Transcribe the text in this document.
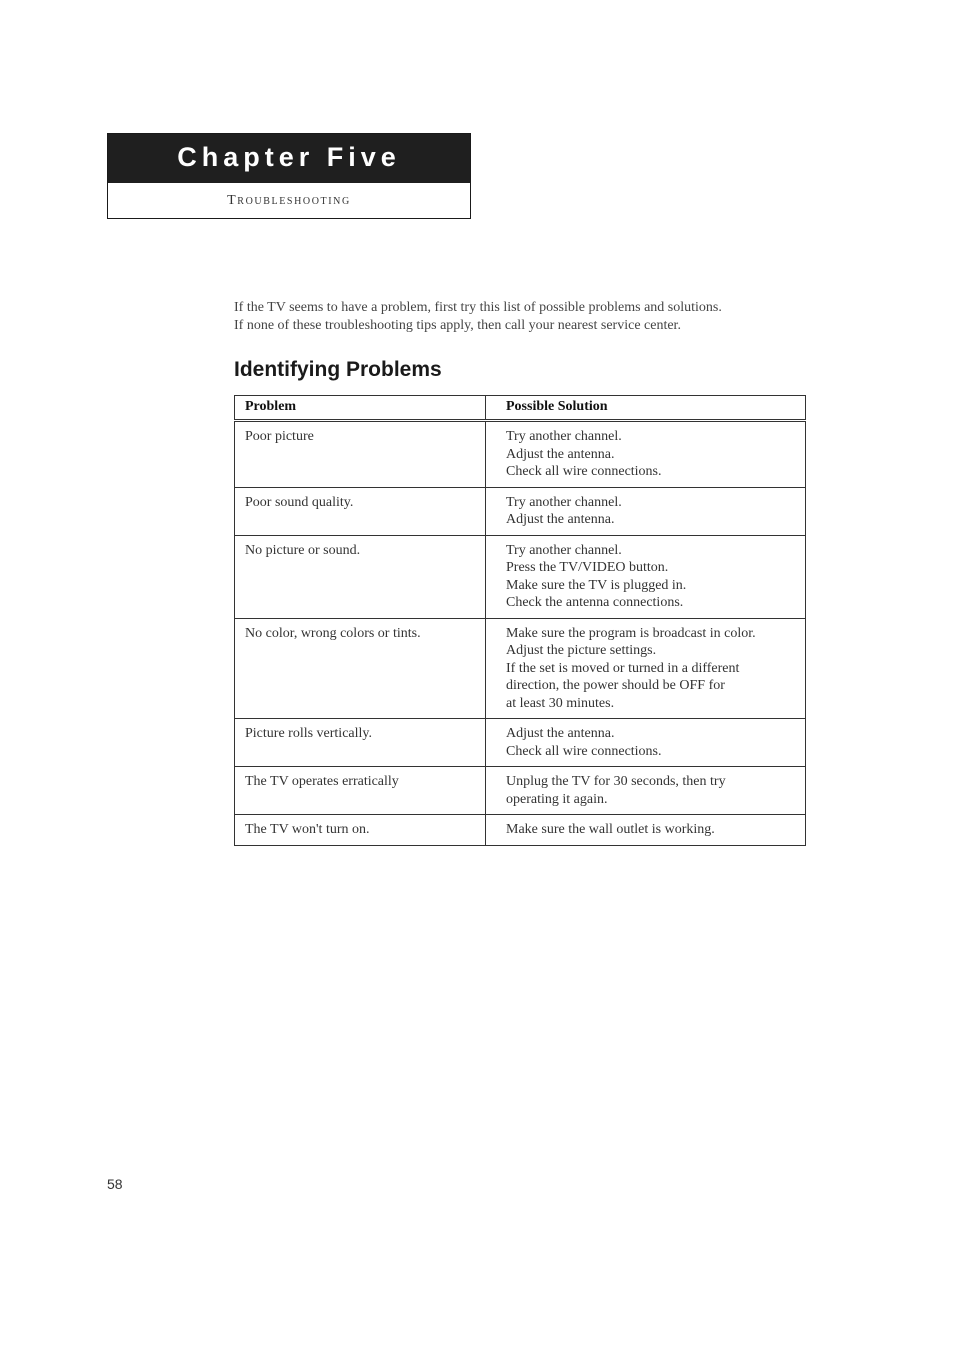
Chapter Five
Troubleshooting

If the TV seems to have a problem, first try this list of possible problems and solutions.

If none of these troubleshooting tips apply, then call your nearest service center.

Identifying Problems
Problem	Possible Solution
Poor picture	Try another channel.
Adjust the antenna.
Check all wire connections.

Poor sound quality.	Try another channel.
Adjust the antenna.

No picture or sound.	Try another channel.
Press the TV/VIDEO button.
Make sure the TV is plugged in.
Check the antenna connections.

No color, wrong colors or tints.	Make sure the program is broadcast in color.
Adjust the picture settings.
If the set is moved or turned in a different
direction, the power should be OFF for
at least 30 minutes.

Picture rolls vertically.	Adjust the antenna.
Check all wire connections.

The TV operates erratically	Unplug the TV for 30 seconds, then try
operating it again.

The TV won't turn on.	Make sure the wall outlet is working.
58
